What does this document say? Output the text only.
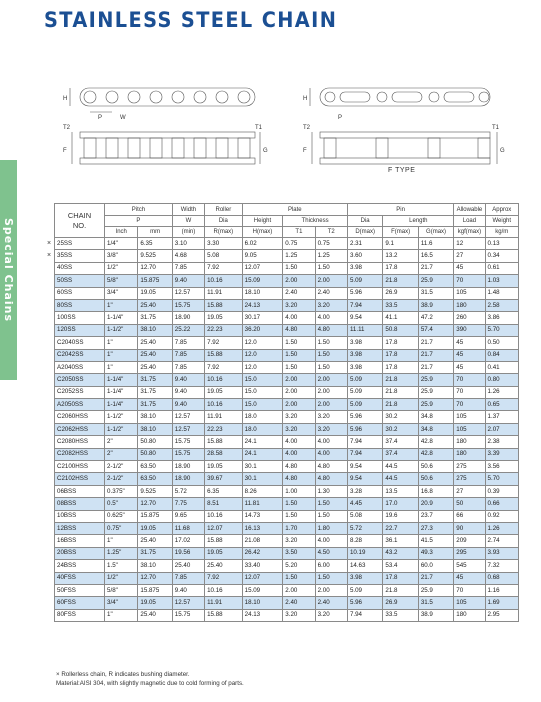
STAINLESS STEEL CHAIN
Special Chains
H
P	W
T2	T1
F	G
H
P
T2	T1
F	G
F TYPE
CHAIN
NO.	Pitch		Width	Roller	Plate			Pin			Allowable	Approx
	P		W	Dia	Height	Thickness		Dia	Length		Load	Weight
	Inch	mm	(min)	R(max)	H(max)	T1	T2	D(max)	F(max)	G(max)	kgf(max)	kg/m

× 25SS	1/4"	6.35	3.10	3.30	6.02	0.75	0.75	2.31	9.1	11.6	12	0.13

× 35SS	3/8"	9.525	4.68	5.08	9.05	1.25	1.25	3.60	13.2	16.5	27	0.34
40SS	1/2"	12.70	7.85	7.92	12.07	1.50	1.50	3.98	17.8	21.7	45	0.61
50SS	5/8"	15.875	9.40	10.16	15.09	2.00	2.00	5.09	21.8	25.9	70	1.03
60SS	3/4"	19.05	12.57	11.91	18.10	2.40	2.40	5.96	26.9	31.5	105	1.48
80SS	1"	25.40	15.75	15.88	24.13	3.20	3.20	7.94	33.5	38.9	180	2.58
100SS	1-1/4"	31.75	18.90	19.05	30.17	4.00	4.00	9.54	41.1	47.2	260	3.86
120SS	1-1/2"	38.10	25.22	22.23	36.20	4.80	4.80	11.11	50.8	57.4	390	5.70
C2040SS	1"	25.40	7.85	7.92	12.0	1.50	1.50	3.98	17.8	21.7	45	0.50
C2042SS	1"	25.40	7.85	15.88	12.0	1.50	1.50	3.98	17.8	21.7	45	0.84
A2040SS	1"	25.40	7.85	7.92	12.0	1.50	1.50	3.98	17.8	21.7	45	0.41
C2050SS	1-1/4"	31.75	9.40	10.16	15.0	2.00	2.00	5.09	21.8	25.9	70	0.80
C2052SS	1-1/4"	31.75	9.40	19.05	15.0	2.00	2.00	5.09	21.8	25.9	70	1.26
A2050SS	1-1/4"	31.75	9.40	10.16	15.0	2.00	2.00	5.09	21.8	25.9	70	0.65
C2060HSS	1-1/2"	38.10	12.57	11.91	18.0	3.20	3.20	5.96	30.2	34.8	105	1.37
C2062HSS	1-1/2"	38.10	12.57	22.23	18.0	3.20	3.20	5.96	30.2	34.8	105	2.07
C2080HSS	2"	50.80	15.75	15.88	24.1	4.00	4.00	7.94	37.4	42.8	180	2.38
C2082HSS	2"	50.80	15.75	28.58	24.1	4.00	4.00	7.94	37.4	42.8	180	3.39
C2100HSS	2-1/2"	63.50	18.90	19.05	30.1	4.80	4.80	9.54	44.5	50.6	275	3.56
C2102HSS	2-1/2"	63.50	18.90	39.67	30.1	4.80	4.80	9.54	44.5	50.6	275	5.70
06BSS	0.375"	9.525	5.72	6.35	8.26	1.00	1.30	3.28	13.5	16.8	27	0.39
08BSS	0.5"	12.70	7.75	8.51	11.81	1.50	1.50	4.45	17.0	20.9	50	0.66
10BSS	0.625"	15.875	9.65	10.16	14.73	1.50	1.50	5.08	19.6	23.7	66	0.92
12BSS	0.75"	19.05	11.68	12.07	16.13	1.70	1.80	5.72	22.7	27.3	90	1.26
16BSS	1"	25.40	17.02	15.88	21.08	3.20	4.00	8.28	36.1	41.5	209	2.74
20BSS	1.25"	31.75	19.56	19.05	26.42	3.50	4.50	10.19	43.2	49.3	295	3.93
24BSS	1.5"	38.10	25.40	25.40	33.40	5.20	6.00	14.63	53.4	60.0	545	7.32
40FSS	1/2"	12.70	7.85	7.92	12.07	1.50	1.50	3.98	17.8	21.7	45	0.68
50FSS	5/8"	15.875	9.40	10.16	15.09	2.00	2.00	5.09	21.8	25.9	70	1.16
60FSS	3/4"	19.05	12.57	11.91	18.10	2.40	2.40	5.96	26.9	31.5	105	1.69
80FSS	1"	25.40	15.75	15.88	24.13	3.20	3.20	7.94	33.5	38.9	180	2.95
× Rollerless chain, R indicates bushing diameter.
Material:AISI 304, with slightly magnetic due to cold forming of parts.
